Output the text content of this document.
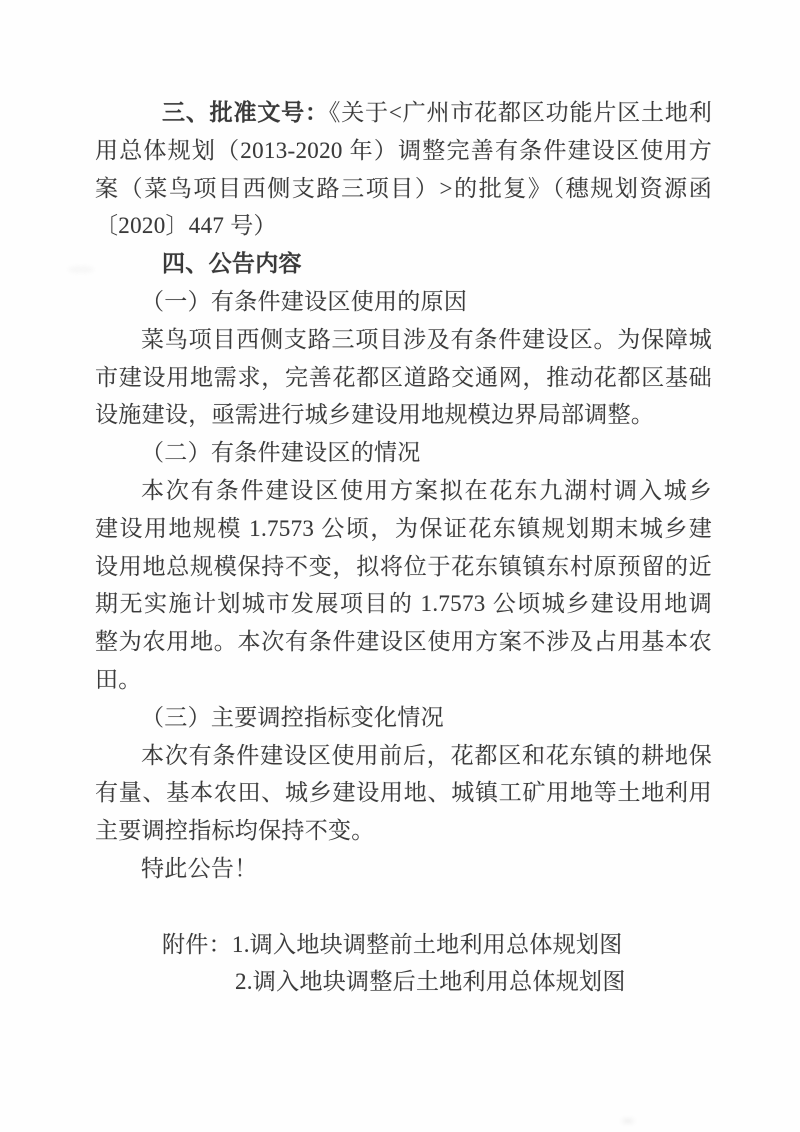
三、批准文号：《关于<广州市花都区功能片区土地利
用总体规划（2013-2020 年）调整完善有条件建设区使用方
案（菜鸟项目西侧支路三项目）>的批复》（穗规划资源函
〔2020〕447 号）
四、公告内容
（一）有条件建设区使用的原因
菜鸟项目西侧支路三项目涉及有条件建设区。为保障城
市建设用地需求，完善花都区道路交通网，推动花都区基础
设施建设，亟需进行城乡建设用地规模边界局部调整。
（二）有条件建设区的情况
本次有条件建设区使用方案拟在花东九湖村调入城乡
建设用地规模 1.7573 公顷，为保证花东镇规划期末城乡建
设用地总规模保持不变，拟将位于花东镇镇东村原预留的近
期无实施计划城市发展项目的 1.7573 公顷城乡建设用地调
整为农用地。本次有条件建设区使用方案不涉及占用基本农
田。
（三）主要调控指标变化情况
本次有条件建设区使用前后，花都区和花东镇的耕地保
有量、基本农田、城乡建设用地、城镇工矿用地等土地利用
主要调控指标均保持不变。
特此公告！
附件：1.调入地块调整前土地利用总体规划图
2.调入地块调整后土地利用总体规划图
